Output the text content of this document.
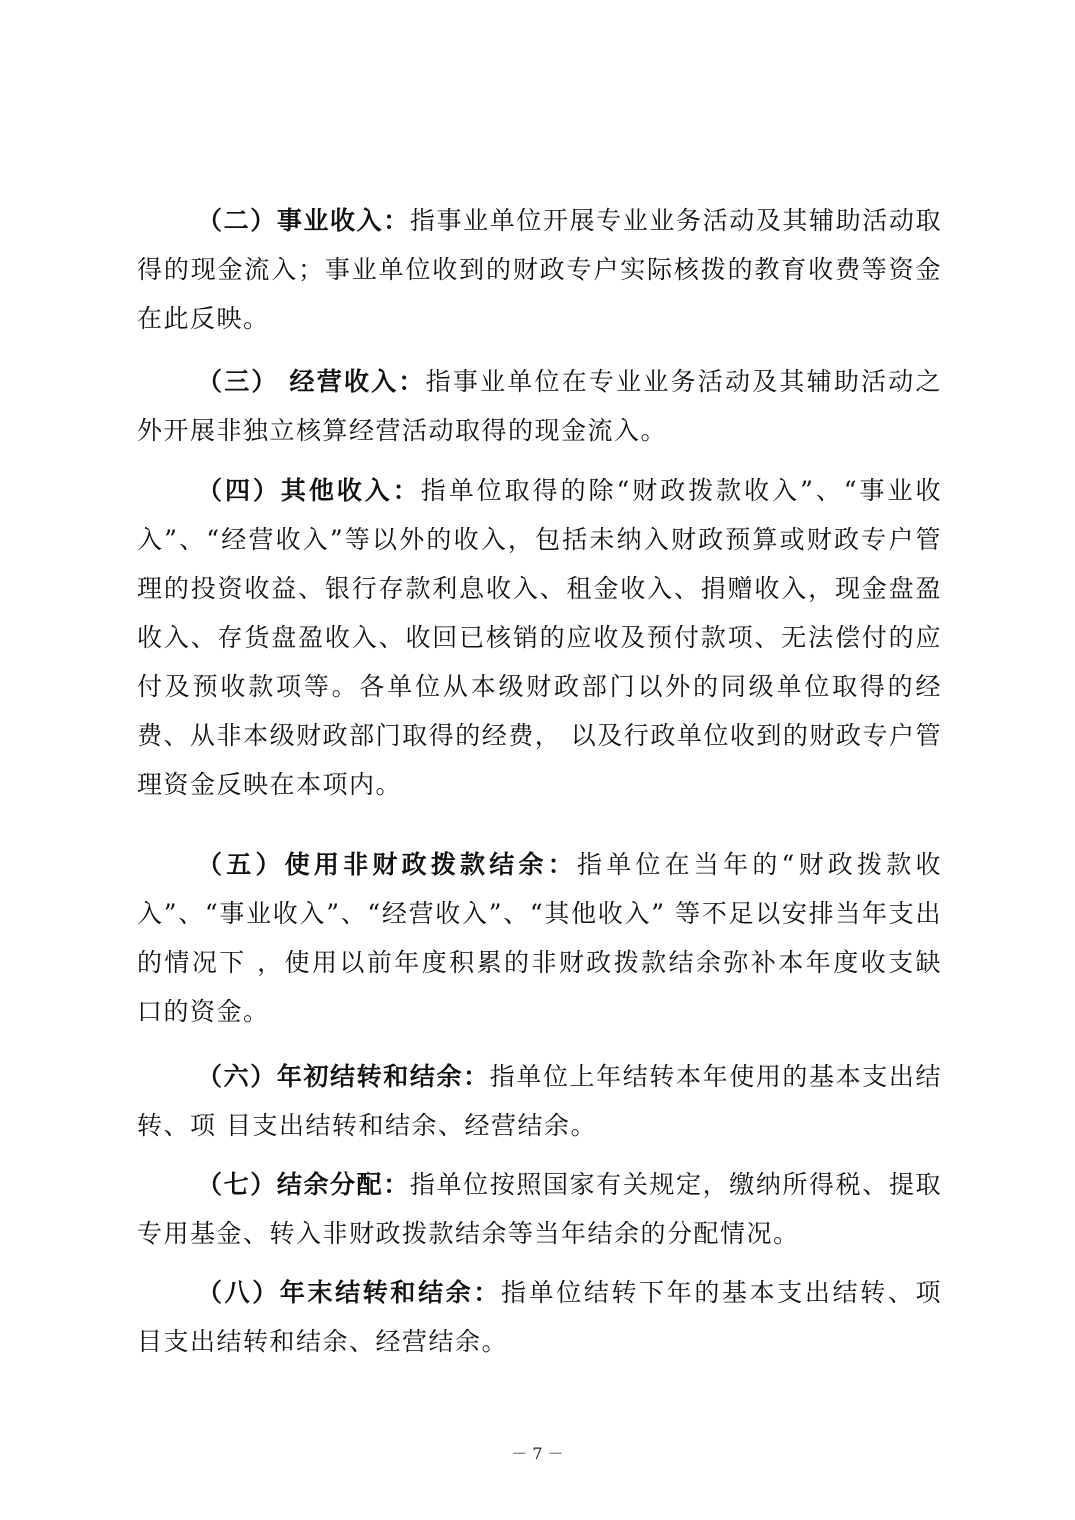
（二）事业收入：指事业单位开展专业业务活动及其辅助活动取得的现金流入；事业单位收到的财政专户实际核拨的教育收费等资金在此反映。

（三） 经营收入：指事业单位在专业业务活动及其辅助活动之外开展非独立核算经营活动取得的现金流入。

（四）其他收入：指单位取得的除“财政拨款收入”、“事业收入”、“经营收入”等以外的收入，包括未纳入财政预算或财政专户管理的投资收益、银行存款利息收入、租金收入、捐赠收入，现金盘盈收入、存货盘盈收入、收回已核销的应收及预付款项、无法偿付的应付及预收款项等。各单位从本级财政部门以外的同级单位取得的经费、从非本级财政部门取得的经费， 以及行政单位收到的财政专户管理资金反映在本项内。

（五）使用非财政拨款结余：指单位在当年的“财政拨款收入”、“事业收入”、“经营收入”、“其他收入” 等不足以安排当年支出的情况下 ，使用以前年度积累的非财政拨款结余弥补本年度收支缺 口的资金。

（六）年初结转和结余：指单位上年结转本年使用的基本支出结转、项 目支出结转和结余、经营结余。

（七）结余分配：指单位按照国家有关规定，缴纳所得税、提取专用基金、转入非财政拨款结余等当年结余的分配情况。

（八）年末结转和结余：指单位结转下年的基本支出结转、项 目支出结转和结余、经营结余。

－ 7 －
